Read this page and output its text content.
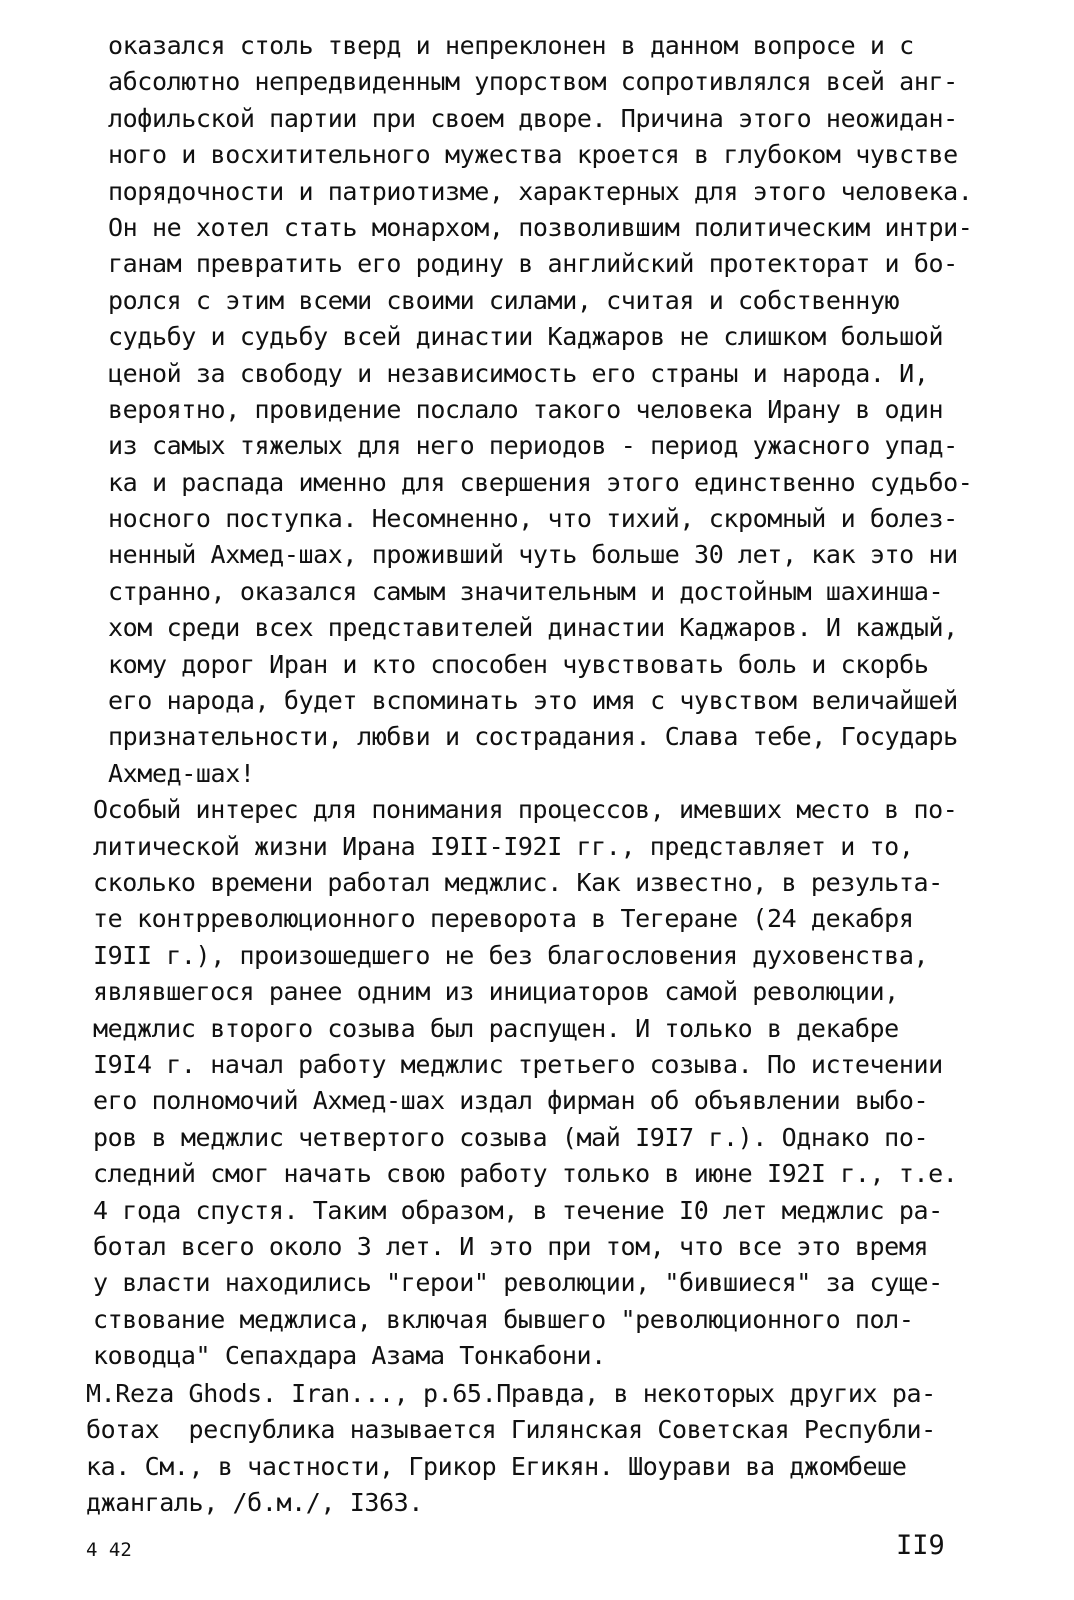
оказался столь тверд и непреклонен в данном вопросе и с
абсолютно непредвиденным упорством сопротивлялся всей анг-
лофильской партии при своем дворе. Причина этого неожидан-
ного и восхитительного мужества кроется в глубоком чувстве
порядочности и патриотизме, характерных для этого человека.
Он не хотел стать монархом, позволившим политическим интри-
ганам превратить его родину в английский протекторат и бо-
ролся с этим всеми своими силами, считая и собственную
судьбу и судьбу всей династии Каджаров не слишком большой
ценой за свободу и независимость его страны и народа. И,
вероятно, провидение послало такого человека Ирану в один
из самых тяжелых для него периодов - период ужасного упад-
ка и распада именно для свершения этого единственно судьбо-
носного поступка. Несомненно, что тихий, скромный и болез-
ненный Ахмед-шах, проживший чуть больше 30 лет, как это ни
странно, оказался самым значительным и достойным шахинша-
хом среди всех представителей династии Каджаров. И каждый,
кому дорог Иран и кто способен чувствовать боль и скорбь
его народа, будет вспоминать это имя с чувством величайшей
признательности, любви и сострадания. Слава тебе, Государь
Ахмед-шах!
Особый интерес для понимания процессов, имевших место в по-
литической жизни Ирана I9II-I92I гг., представляет и то,
сколько времени работал меджлис. Как известно, в результа-
те контрреволюционного переворота в Тегеране (24 декабря
I9II г.), произошедшего не без благословения духовенства,
являвшегося ранее одним из инициаторов самой революции,
меджлис второго созыва был распущен. И только в декабре
I9I4 г. начал работу меджлис третьего созыва. По истечении
его полномочий Ахмед-шах издал фирман об объявлении выбо-
ров в меджлис четвертого созыва (май I9I7 г.). Однако по-
следний смог начать свою работу только в июне I92I г., т.е.
4 года спустя. Таким образом, в течение I0 лет меджлис ра-
ботал всего около 3 лет. И это при том, что все это время
у власти находились "герои" революции, "бившиеся" за суще-
ствование меджлиса, включая бывшего "революционного пол-
ководца" Сепахдара Азама Тонкабони.
M.Reza Ghods. Iran..., p.65.Правда, в некоторых других ра-
ботах  республика называется Гилянская Советская Республи-
ка. См., в частности, Грикор Егикян. Шоурави ва джомбеше
джангаль, /б.м./, I363.
4 42	II9
